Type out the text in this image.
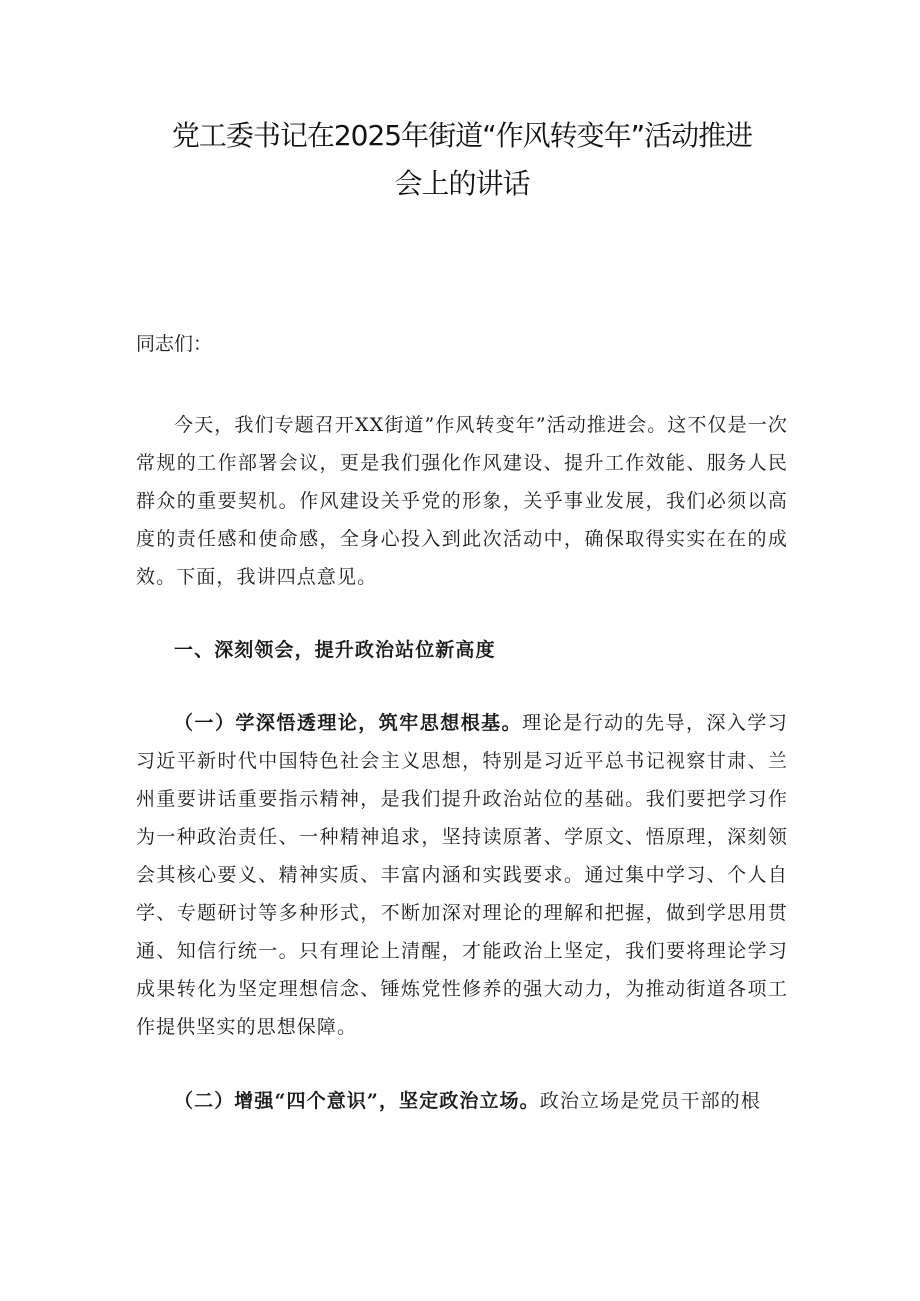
党工委书记在2025年街道“作风转变年”活动推进
会上的讲话

同志们：

今天，我们专题召开XX街道”作风转变年”活动推进会。这不仅是一次常规的工作部署会议，更是我们强化作风建设、提升工作效能、服务人民群众的重要契机。作风建设关乎党的形象，关乎事业发展，我们必须以高度的责任感和使命感，全身心投入到此次活动中，确保取得实实在在的成效。下面，我讲四点意见。

一、深刻领会，提升政治站位新高度

（一）学深悟透理论，筑牢思想根基。理论是行动的先导，深入学习习近平新时代中国特色社会主义思想，特别是习近平总书记视察甘肃、兰州重要讲话重要指示精神，是我们提升政治站位的基础。我们要把学习作为一种政治责任、一种精神追求，坚持读原著、学原文、悟原理，深刻领会其核心要义、精神实质、丰富内涵和实践要求。通过集中学习、个人自学、专题研讨等多种形式，不断加深对理论的理解和把握，做到学思用贯通、知信行统一。只有理论上清醒，才能政治上坚定，我们要将理论学习成果转化为坚定理想信念、锤炼党性修养的强大动力，为推动街道各项工作提供坚实的思想保障。

（二）增强“四个意识”，坚定政治立场。政治立场是党员干部的根
